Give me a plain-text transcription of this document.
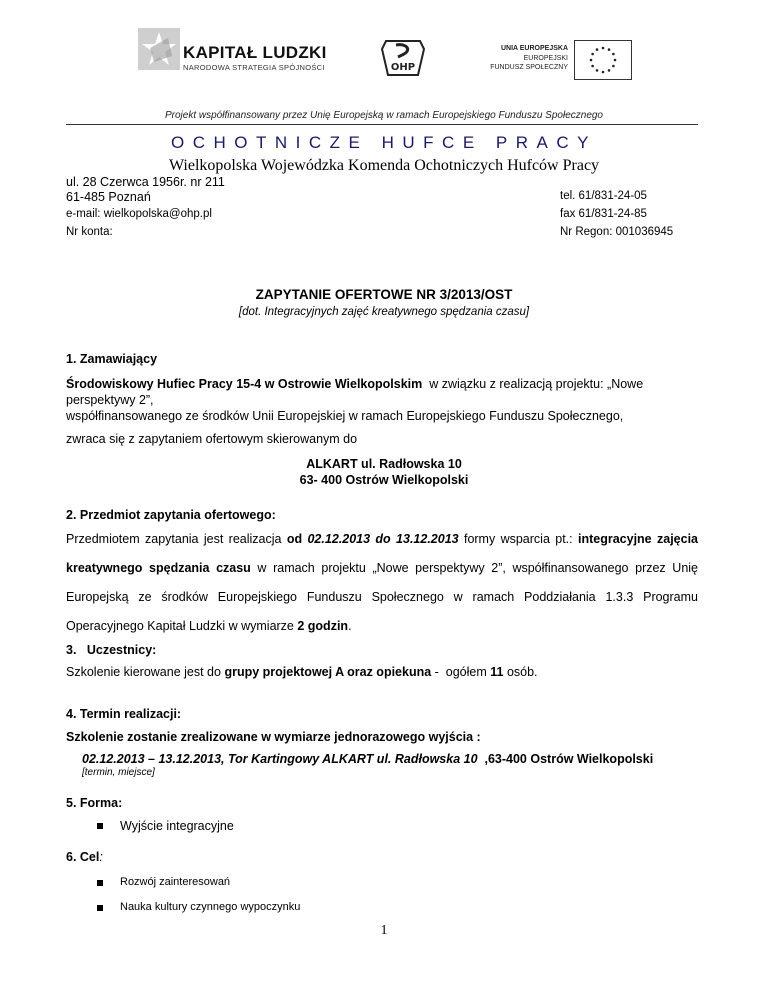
KAPITAŁ LUDZKI
NARODOWA STRATEGIA SPÓJNOŚCI	OHP
UNIA EUROPEJSKA
EUROPEJSKI
FUNDUSZ SPOŁECZNY
Projekt współfinansowany przez Unię Europejską w ramach Europejskiego Funduszu Społecznego
OCHOTNICZE HUFCE PRACY
Wielkopolska Wojewódzka Komenda Ochotniczych Hufców Pracy
ul. 28 Czerwca 1956r. nr 211
61-485 Poznań
e-mail: wielkopolska@ohp.pl
Nr konta:
tel. 61/831-24-05
fax 61/831-24-85
Nr Regon: 001036945
ZAPYTANIE OFERTOWE NR 3/2013/OST
[dot. Integracyjnych zajęć kreatywnego spędzania czasu]
1. Zamawiający
Środowiskowy Hufiec Pracy 15-4 w Ostrowie Wielkopolskim  w związku z realizacją projektu: „Nowe
perspektywy 2”,
współfinansowanego ze środków Unii Europejskiej w ramach Europejskiego Funduszu Społecznego,
zwraca się z zapytaniem ofertowym skierowanym do
ALKART ul. Radłowska 10
63- 400 Ostrów Wielkopolski
2. Przedmiot zapytania ofertowego:
Przedmiotem zapytania jest realizacja od 02.12.2013 do 13.12.2013 formy wsparcia pt.: integracyjne zajęcia
kreatywnego spędzania czasu w ramach projektu „Nowe perspektywy 2”, współfinansowanego przez Unię
Europejską ze środków Europejskiego Funduszu Społecznego w ramach Poddziałania 1.3.3 Programu
Operacyjnego Kapitał Ludzki w wymiarze 2 godzin.
3.   Uczestnicy:
Szkolenie kierowane jest do grupy projektowej A oraz opiekuna -  ogółem 11 osób.
4. Termin realizacji:
Szkolenie zostanie zrealizowane w wymiarze jednorazowego wyjścia :
02.12.2013 – 13.12.2013, Tor Kartingowy ALKART ul. Radłowska 10  ,63-400 Ostrów Wielkopolski
[termin, miejsce]
5. Forma:
Wyjście integracyjne
6. Cel:
Rozwój zainteresowań
Nauka kultury czynnego wypoczynku
1
